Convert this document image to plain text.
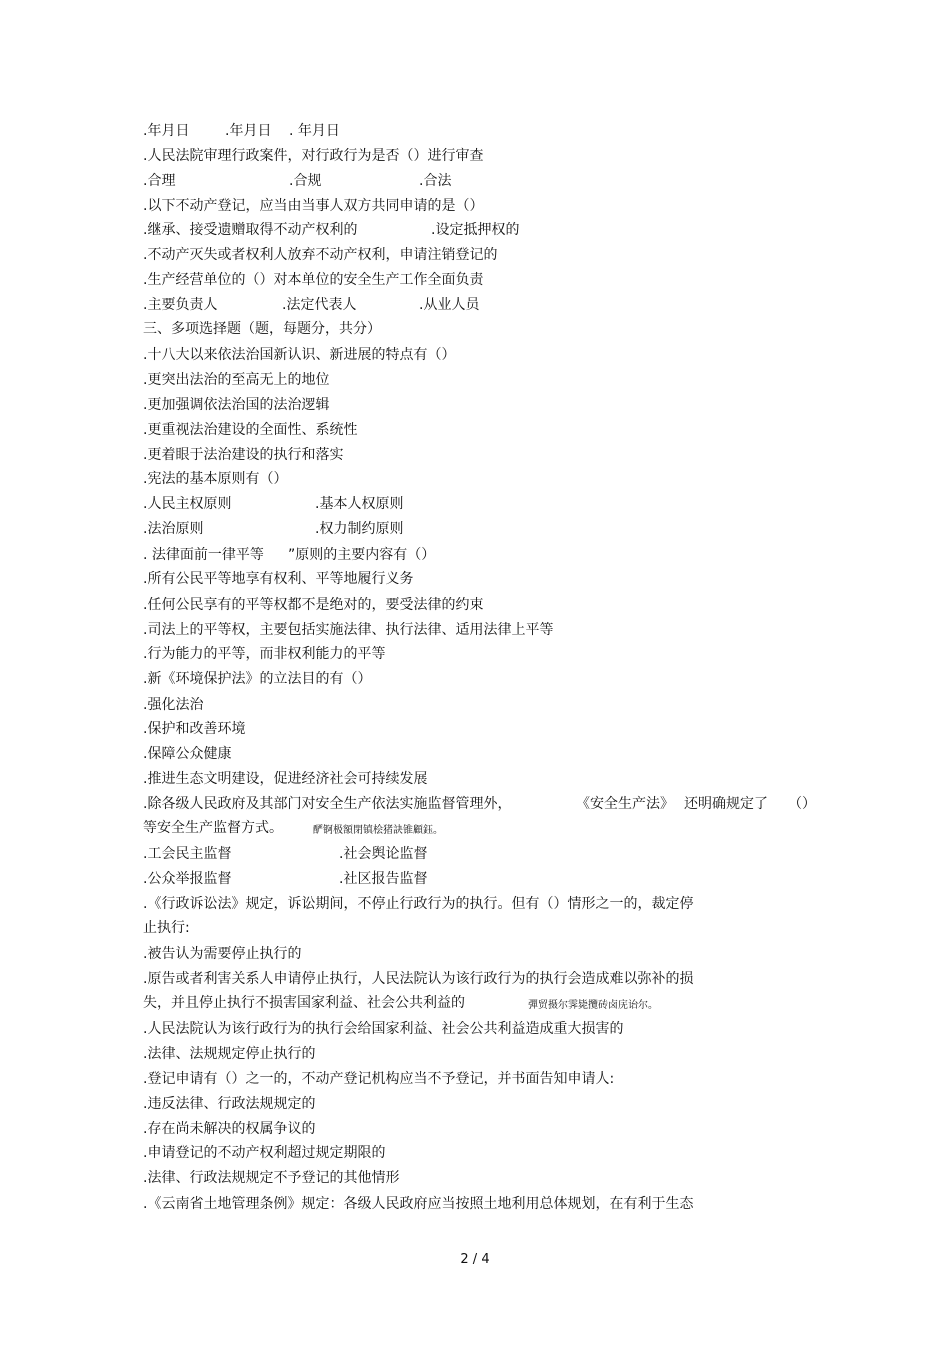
.年月日	.年月日 . 年月日
.人民法院审理行政案件，对行政行为是否（）进行审查
.合理	.合规	.合法
.以下不动产登记，应当由当事人双方共同申请的是（）
.继承、接受遗赠取得不动产权利的	.设定抵押权的
.不动产灭失或者权利人放弃不动产权利，申请注销登记的
.生产经营单位的（）对本单位的安全生产工作全面负责
.主要负责人	.法定代表人	.从业人员
三、多项选择题（题，每题分，共分）
.十八大以来依法治国新认识、新进展的特点有（）
.更突出法治的至高无上的地位
.更加强调依法治国的法治逻辑
.更重视法治建设的全面性、系统性
.更着眼于法治建设的执行和落实
.宪法的基本原则有（）
.人民主权原则	.基本人权原则
.法治原则	.权力制约原则
. 法律面前一律平等 ”原则的主要内容有（）
.所有公民平等地享有权利、平等地履行义务
.任何公民享有的平等权都不是绝对的，要受法律的约束
.司法上的平等权，主要包括实施法律、执行法律、适用法律上平等
.行为能力的平等，而非权利能力的平等
.新《环境保护法》的立法目的有（）
.强化法治
.保护和改善环境
.保障公众健康
.推进生态文明建设，促进经济社会可持续发展
.除各级人民政府及其部门对安全生产依法实施监督管理外，	《安全生产法》 还明确规定了 （）
等安全生产监督方式。	酽锕极額閉镇桧猪訣锥顧鈺。
.工会民主监督	.社会舆论监督
.公众举报监督	.社区报告监督
.《行政诉讼法》规定，诉讼期间，不停止行政行为的执行。但有（）情形之一的，裁定停
止执行:
.被告认为需要停止执行的
.原告或者利害关系人申请停止执行，人民法院认为该行政行为的执行会造成难以弥补的损
失，并且停止执行不损害国家利益、社会公共利益的	彈贸摄尔霁毙攬砖卤庑诒尔。
.人民法院认为该行政行为的执行会给国家利益、社会公共利益造成重大损害的
.法律、法规规定停止执行的
.登记申请有（）之一的，不动产登记机构应当不予登记，并书面告知申请人:
.违反法律、行政法规规定的
.存在尚未解决的权属争议的
.申请登记的不动产权利超过规定期限的
.法律、行政法规规定不予登记的其他情形
.《云南省土地管理条例》规定：各级人民政府应当按照土地利用总体规划，在有利于生态
2 / 4
